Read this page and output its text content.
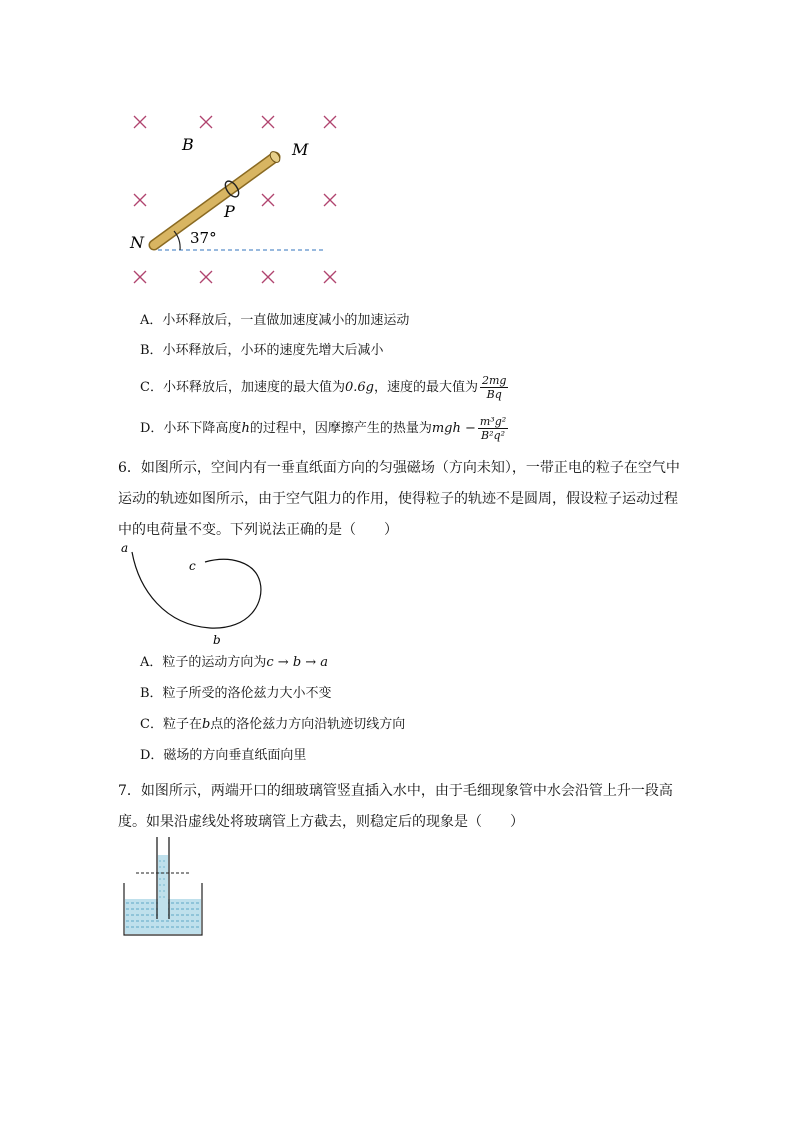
B	M
P
N	37°
A．小环释放后，一直做加速度减小的加速运动
B．小环释放后，小环的速度先增大后减小
C．小环释放后，加速度的最大值为0.6g，速度的最大值为 $\frac{2mg}{Bq}$
D．小环下降高度h的过程中，因摩擦产生的热量为mgh − $\frac{\text{m³g²}}{\text{B²q²}}$
6．如图所示，空间内有一垂直纸面方向的匀强磁场（方向未知），一带正电的粒子在空气中
运动的轨迹如图所示，由于空气阻力的作用，使得粒子的轨迹不是圆周，假设粒子运动过程
中的电荷量不变。下列说法正确的是（　　）
a
c
b
A．粒子的运动方向为c → b → a
B．粒子所受的洛伦兹力大小不变
C．粒子在b点的洛伦兹力方向沿轨迹切线方向
D．磁场的方向垂直纸面向里
7．如图所示，两端开口的细玻璃管竖直插入水中，由于毛细现象管中水会沿管上升一段高
度。如果沿虚线处将玻璃管上方截去，则稳定后的现象是（　　）
